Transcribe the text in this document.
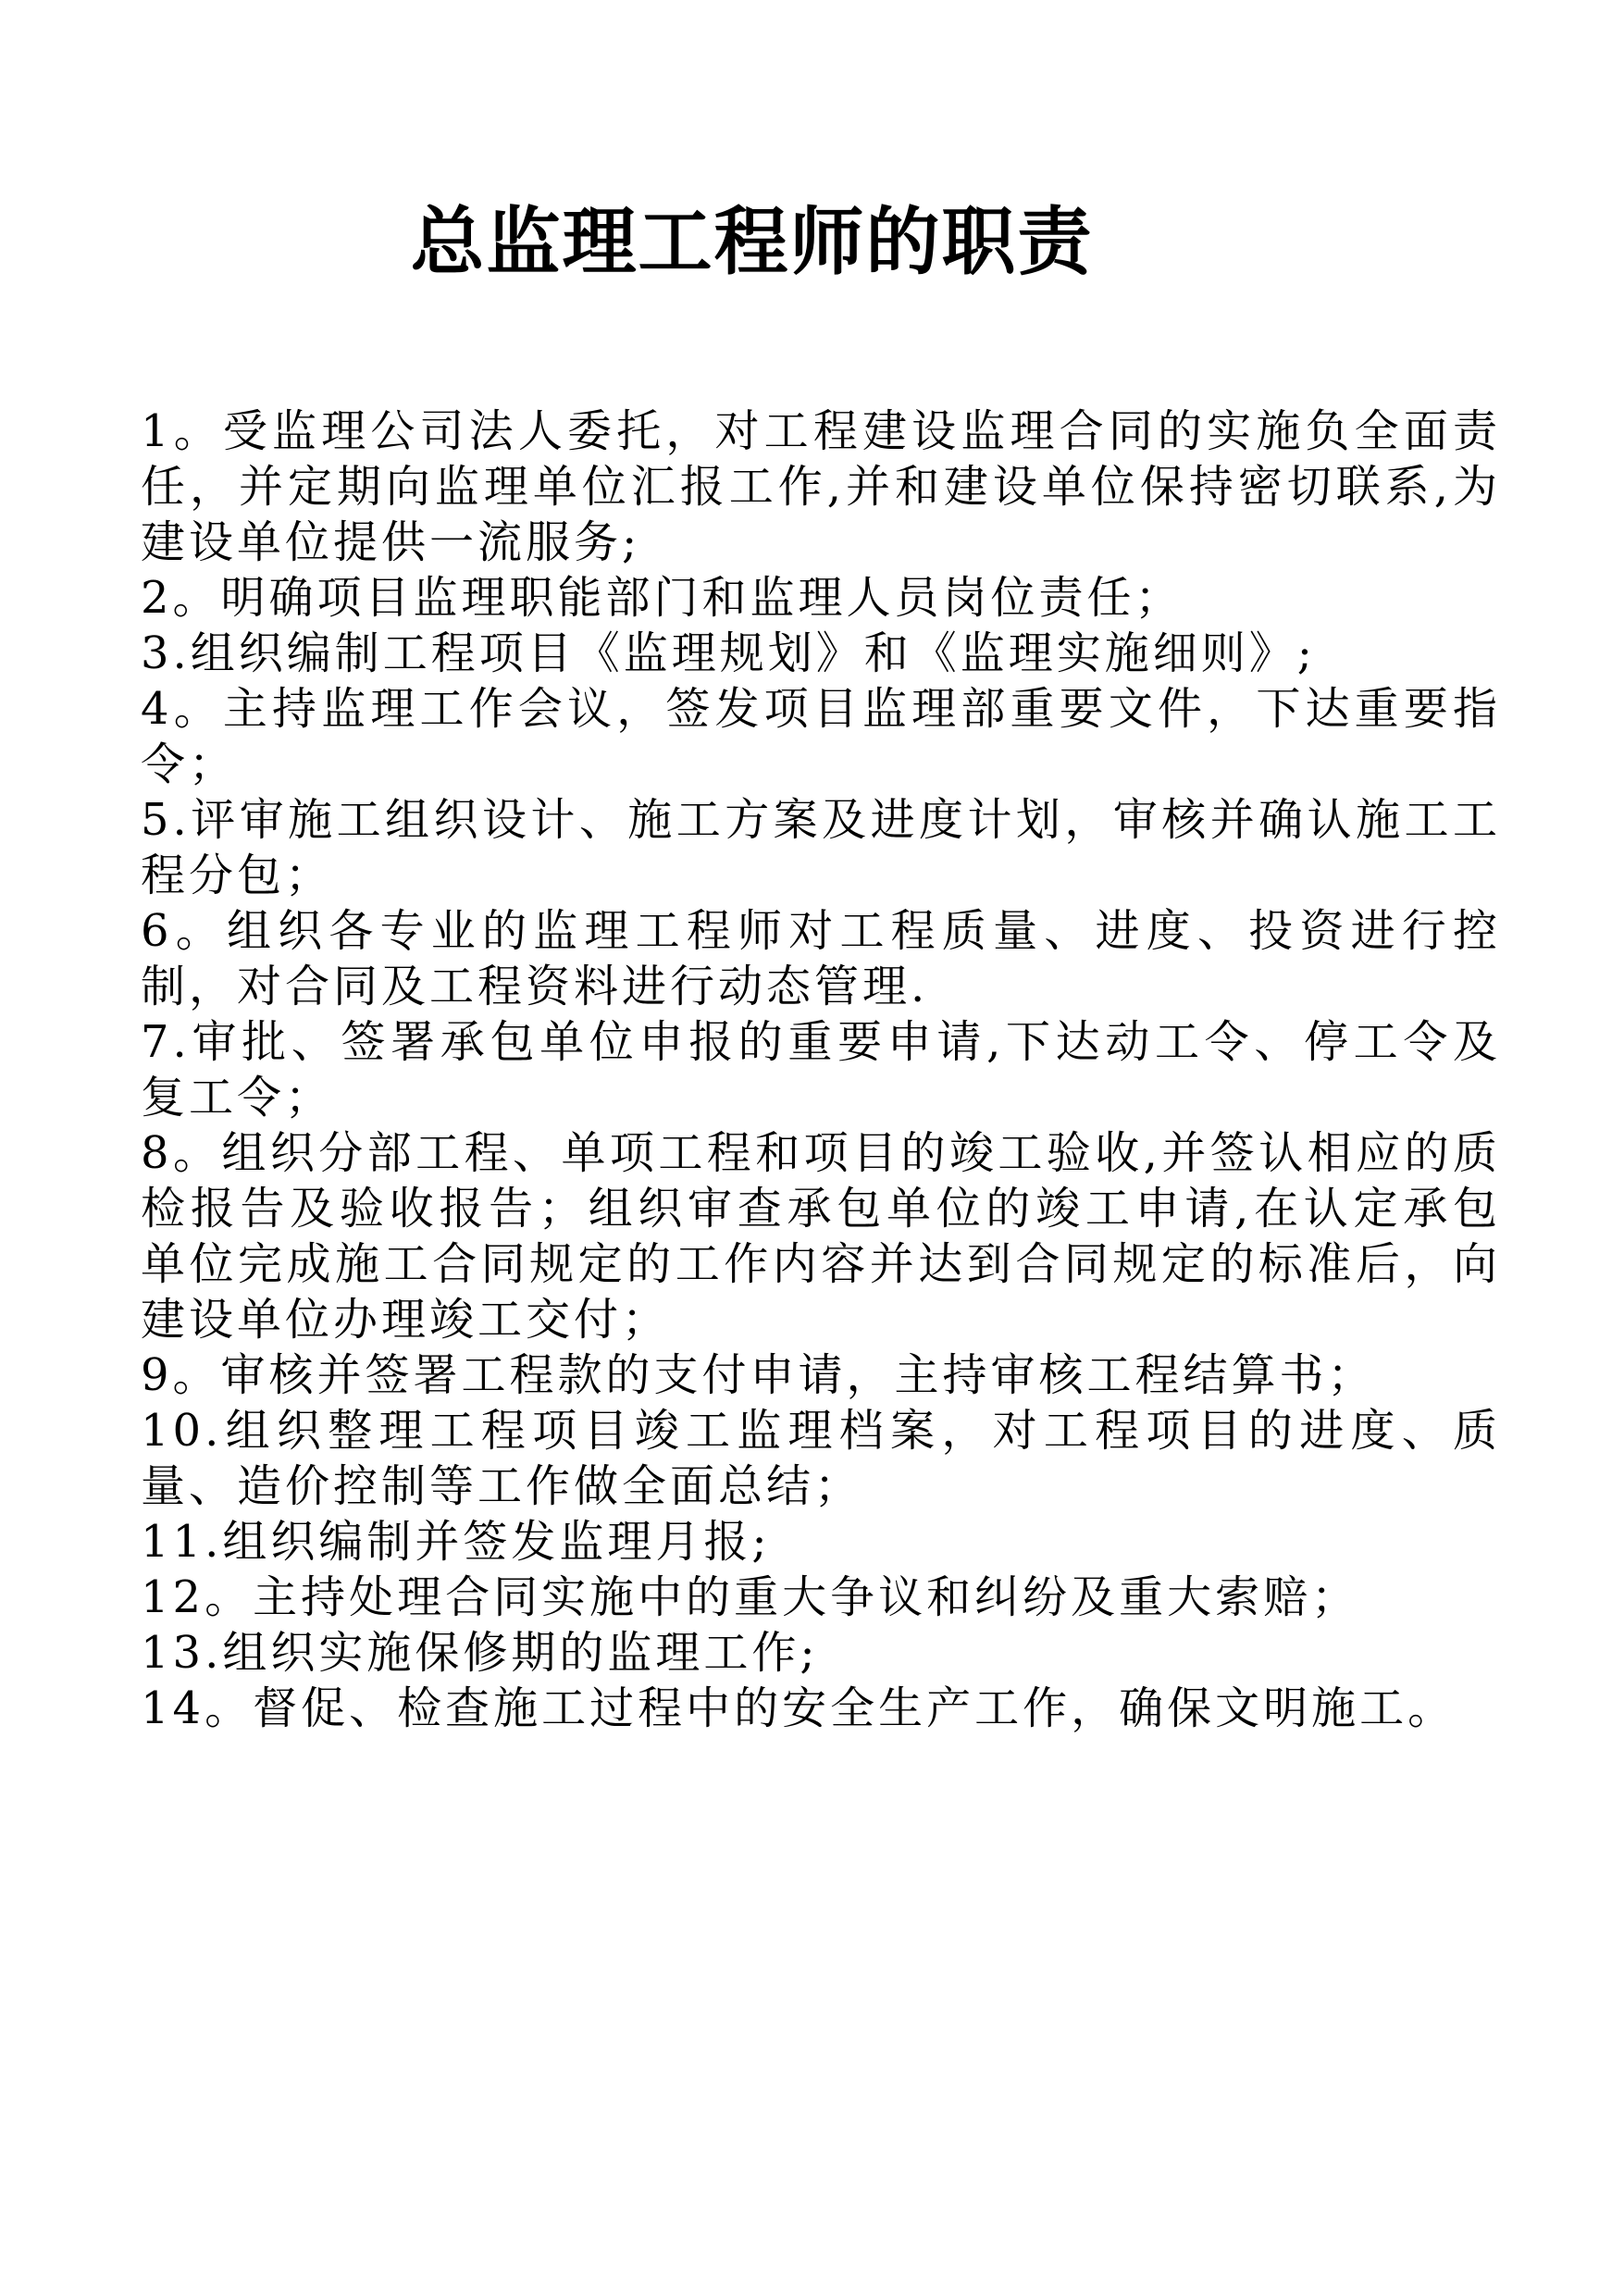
总监理工程师的职责
1。受监理公司法人委托，对工程建设监理合同的实施负全面责任，并定期向监理单位汇报工作,并和建设单位保持密切联系,为建设单位提供一流服务;
2。明确项目监理职能部门和监理人员岗位责任；
3.组织编制工程项目《监理规划》和《监理实施细则》;
4。主持监理工作会议，签发项目监理部重要文件，下达重要指令；
5.评审施工组织设计、施工方案及进度计划，审核并确认施工工程分包；
6。组织各专业的监理工程师对工程质量、进度、投资进行控制，对合同及工程资料进行动态管理.
7.审批、签署承包单位申报的重要申请,下达动工令、停工令及复工令；
8。组织分部工程、单项工程和项目的竣工验收,并签认相应的质检报告及验收报告；组织审查承包单位的竣工申请,在认定承包单位完成施工合同规定的工作内容并达到合同规定的标准后，向建设单位办理竣工交付；
9。审核并签署工程款的支付申请，主持审核工程结算书；
10.组织整理工程项目竣工监理档案，对工程项目的进度、质量、造价控制等工作做全面总结；
11.组织编制并签发监理月报;
12。主持处理合同实施中的重大争议和纠纷及重大索赔；
13.组织实施保修期的监理工作;
14。督促、检查施工过程中的安全生产工作，确保文明施工。
